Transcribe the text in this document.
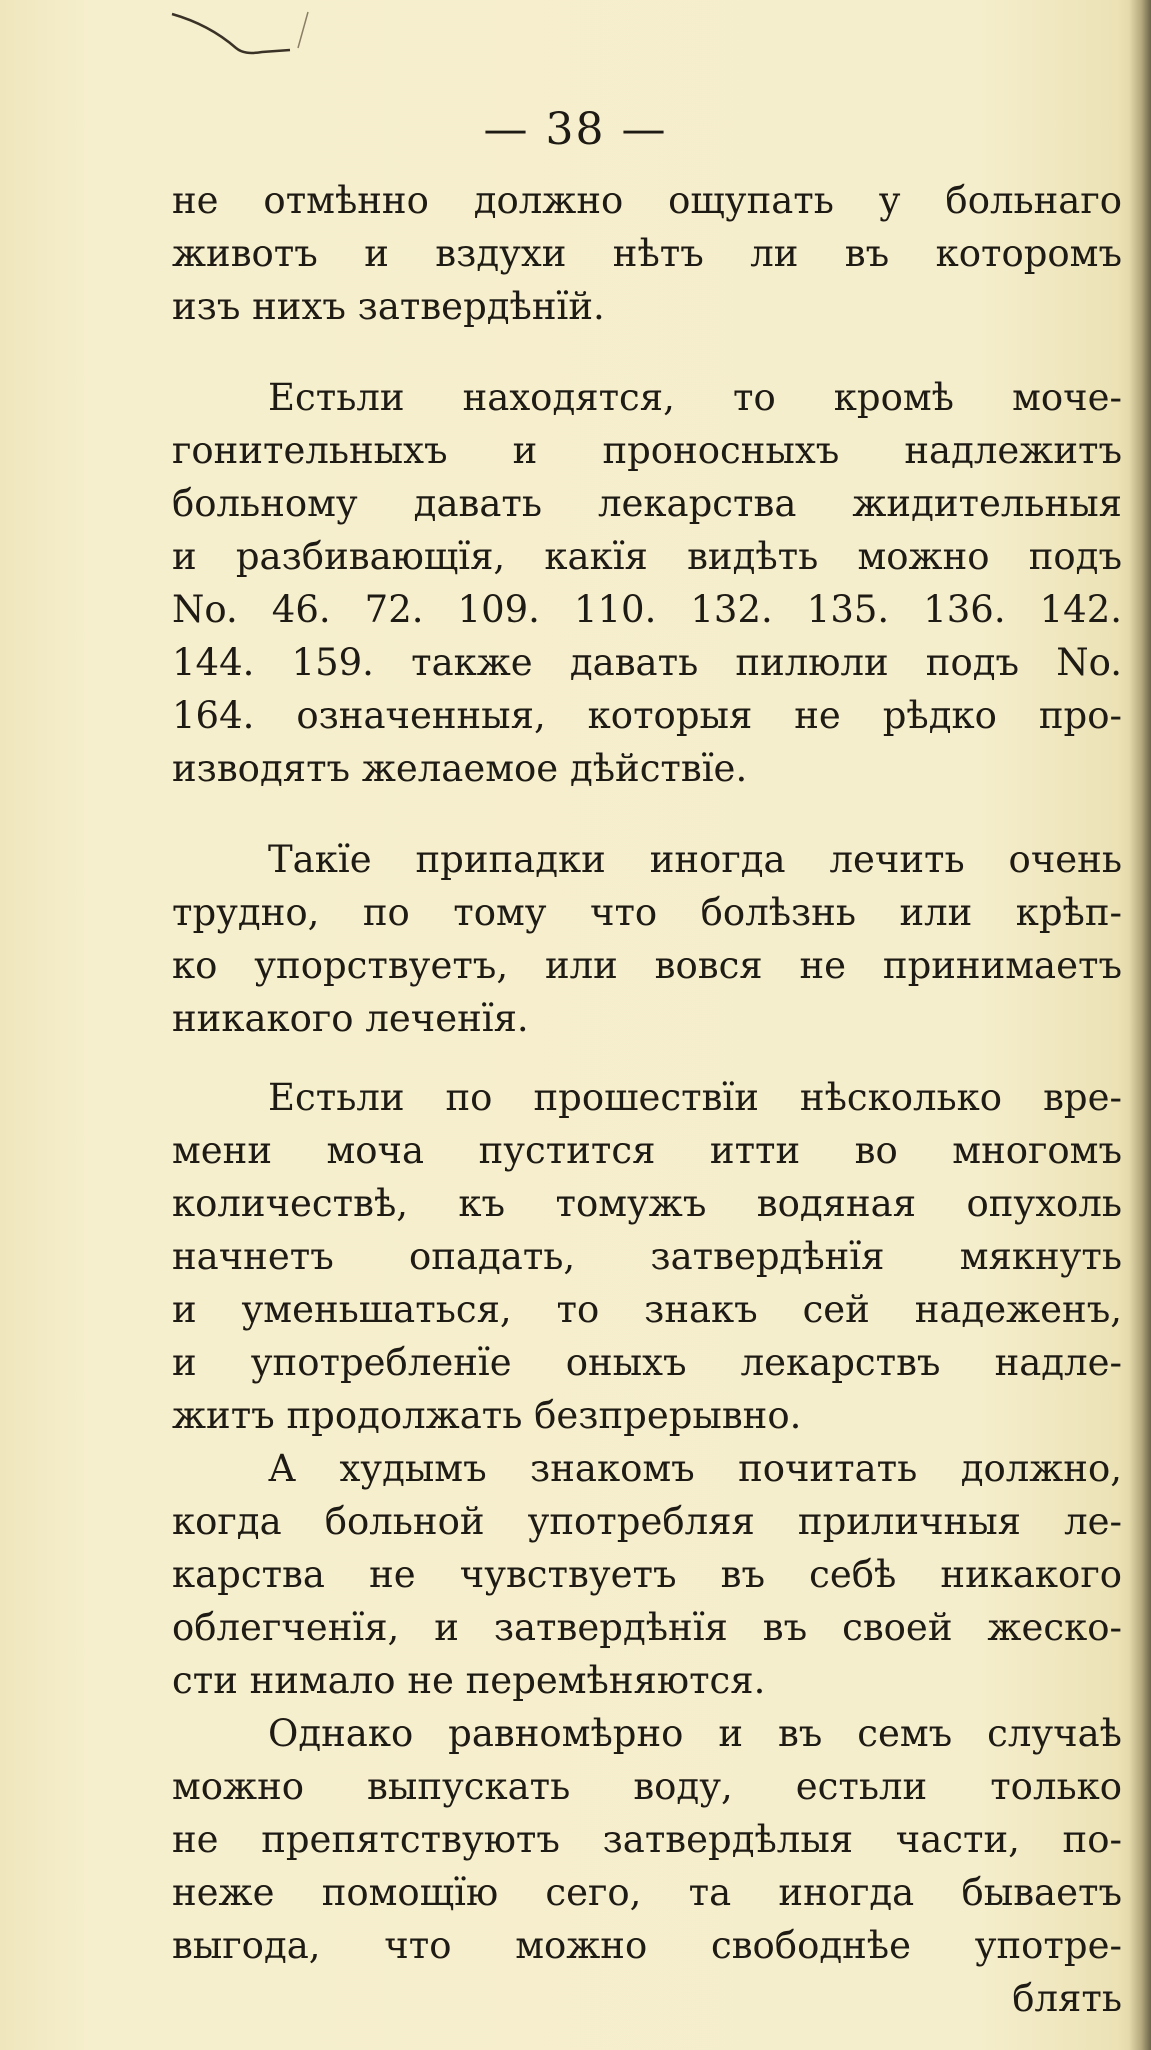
— 38 —
не отмѣнно должно ощупать у больнаго
животъ и вздухи нѣтъ ли въ которомъ
изъ нихъ затвердѣнїй.
Естьли находятся, то кромѣ моче-
гонительныхъ и проносныхъ надлежитъ
больному давать лекарства жидительныя
и разбивающїя, какїя видѣть можно подъ
No. 46. 72. 109. 110. 132. 135. 136. 142.
144. 159. также давать пилюли подъ No.
164. означенныя, которыя не рѣдко про-
изводятъ желаемое дѣйствїе.
Такїе припадки иногда лечить очень
трудно, по тому что болѣзнь или крѣп-
ко упорствуетъ, или вовся не принимаетъ
никакого леченїя.
Естьли по прошествїи нѣсколько вре-
мени моча пустится итти во многомъ
количествѣ, къ томужъ водяная опухоль
начнетъ опадать, затвердѣнїя мякнуть
и уменьшаться, то знакъ сей надеженъ,
и употребленїе оныхъ лекарствъ надле-
житъ продолжать безпрерывно.
А худымъ знакомъ почитать должно,
когда больной употребляя приличныя ле-
карства не чувствуетъ въ себѣ никакого
облегченїя, и затвердѣнїя въ своей жеско-
сти нимало не перемѣняются.
Однако равномѣрно и въ семъ случаѣ
можно выпускать воду, естьли только
не препятствуютъ затвердѣлыя части, по-
неже помощїю сего, та иногда бываетъ
выгода, что можно свободнѣе употре-
блять
